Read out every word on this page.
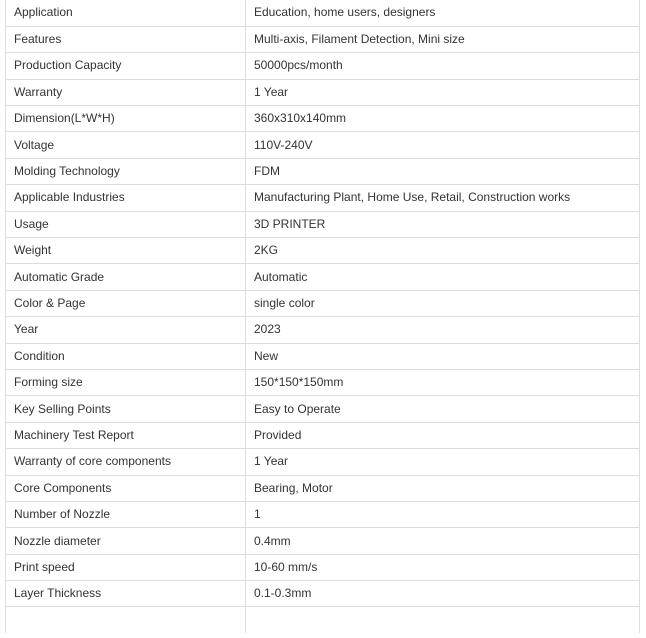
Application	Education, home users, designers
Features	Multi-axis, Filament Detection, Mini size
Production Capacity	50000pcs/month
Warranty	1 Year
Dimension(L*W*H)	360x310x140mm
Voltage	110V-240V
Molding Technology	FDM
Applicable Industries	Manufacturing Plant, Home Use, Retail, Construction works
Usage	3D PRINTER
Weight	2KG
Automatic Grade	Automatic
Color & Page	single color
Year	2023
Condition	New
Forming size	150*150*150mm
Key Selling Points	Easy to Operate
Machinery Test Report	Provided
Warranty of core components	1 Year
Core Components	Bearing, Motor
Number of Nozzle	1
Nozzle diameter	0.4mm
Print speed	10-60 mm/s
Layer Thickness	0.1-0.3mm
